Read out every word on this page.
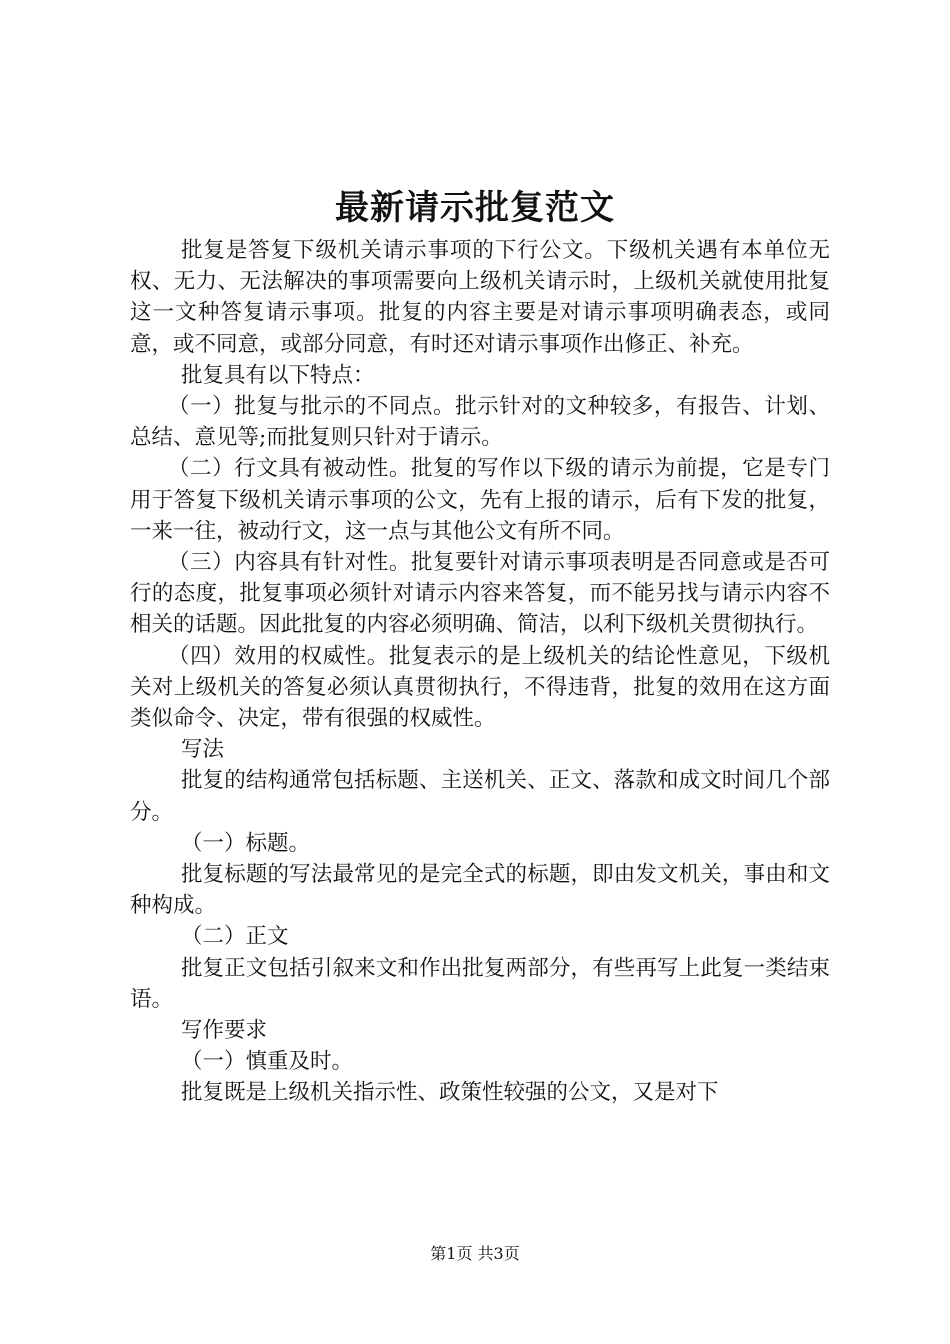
最新请示批复范文

批复是答复下级机关请示事项的下行公文。下级机关遇有本单位无权、无力、无法解决的事项需要向上级机关请示时，上级机关就使用批复这一文种答复请示事项。批复的内容主要是对请示事项明确表态，或同意，或不同意，或部分同意，有时还对请示事项作出修正、补充。

批复具有以下特点：

（一）批复与批示的不同点。批示针对的文种较多，有报告、计划、总结、意见等;而批复则只针对于请示。

（二）行文具有被动性。批复的写作以下级的请示为前提，它是专门用于答复下级机关请示事项的公文，先有上报的请示，后有下发的批复，一来一往，被动行文，这一点与其他公文有所不同。

（三）内容具有针对性。批复要针对请示事项表明是否同意或是否可行的态度，批复事项必须针对请示内容来答复，而不能另找与请示内容不相关的话题。因此批复的内容必须明确、简洁，以利下级机关贯彻执行。

（四）效用的权威性。批复表示的是上级机关的结论性意见，下级机关对上级机关的答复必须认真贯彻执行，不得违背，批复的效用在这方面类似命令、决定，带有很强的权威性。

写法

批复的结构通常包括标题、主送机关、正文、落款和成文时间几个部分。

（一）标题。

批复标题的写法最常见的是完全式的标题，即由发文机关，事由和文种构成。

（二）正文

批复正文包括引叙来文和作出批复两部分，有些再写上此复一类结束语。

写作要求

（一）慎重及时。

批复既是上级机关指示性、政策性较强的公文，又是对下

第1页 共3页
